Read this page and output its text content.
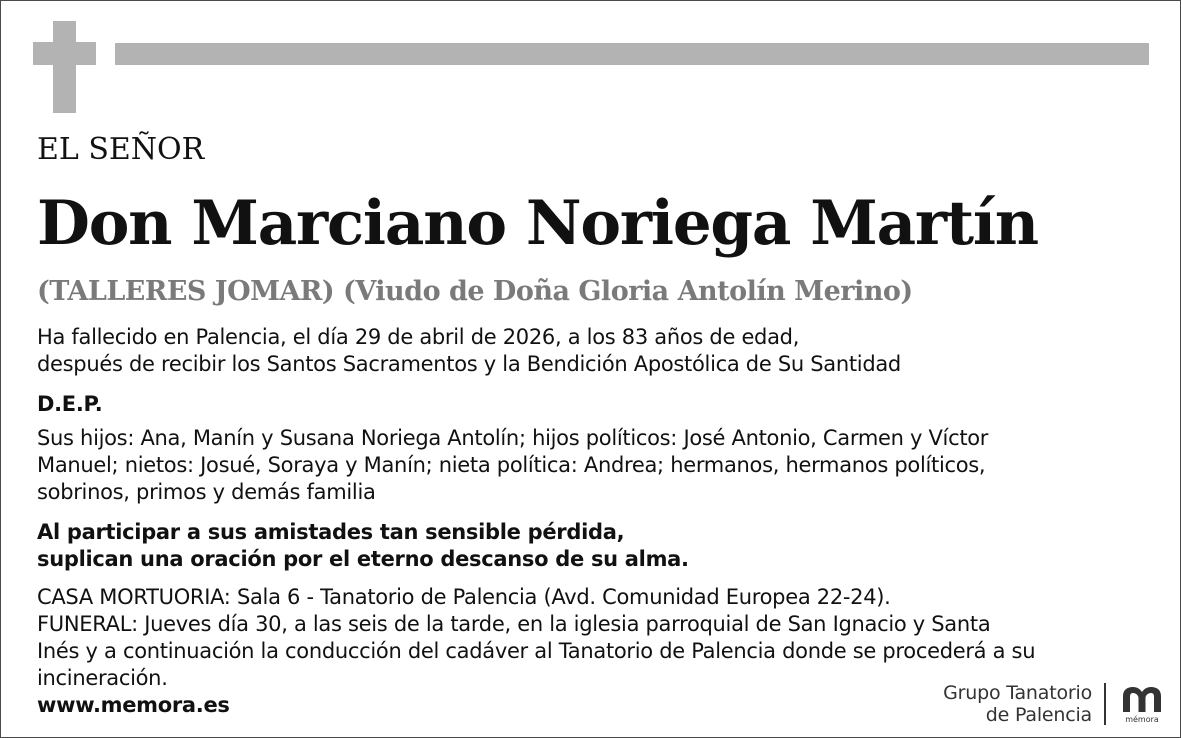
EL SEÑOR
Don Marciano Noriega Martín
(TALLERES JOMAR) (Viudo de Doña Gloria Antolín Merino)
Ha fallecido en Palencia, el día 29 de abril de 2026, a los 83 años de edad,
después de recibir los Santos Sacramentos y la Bendición Apostólica de Su Santidad
D.E.P.
Sus hijos: Ana, Manín y Susana Noriega Antolín; hijos políticos: José Antonio, Carmen y Víctor
Manuel; nietos: Josué, Soraya y Manín; nieta política: Andrea; hermanos, hermanos políticos,
sobrinos, primos y demás familia
Al participar a sus amistades tan sensible pérdida,
suplican una oración por el eterno descanso de su alma.
CASA MORTUORIA: Sala 6 - Tanatorio de Palencia (Avd. Comunidad Europea 22-24).
FUNERAL: Jueves día 30, a las seis de la tarde, en la iglesia parroquial de San Ignacio y Santa
Inés y a continuación la conducción del cadáver al Tanatorio de Palencia donde se procederá a su
incineración.
www.memora.es	Grupo Tanatorio
de Palencia	mémora
